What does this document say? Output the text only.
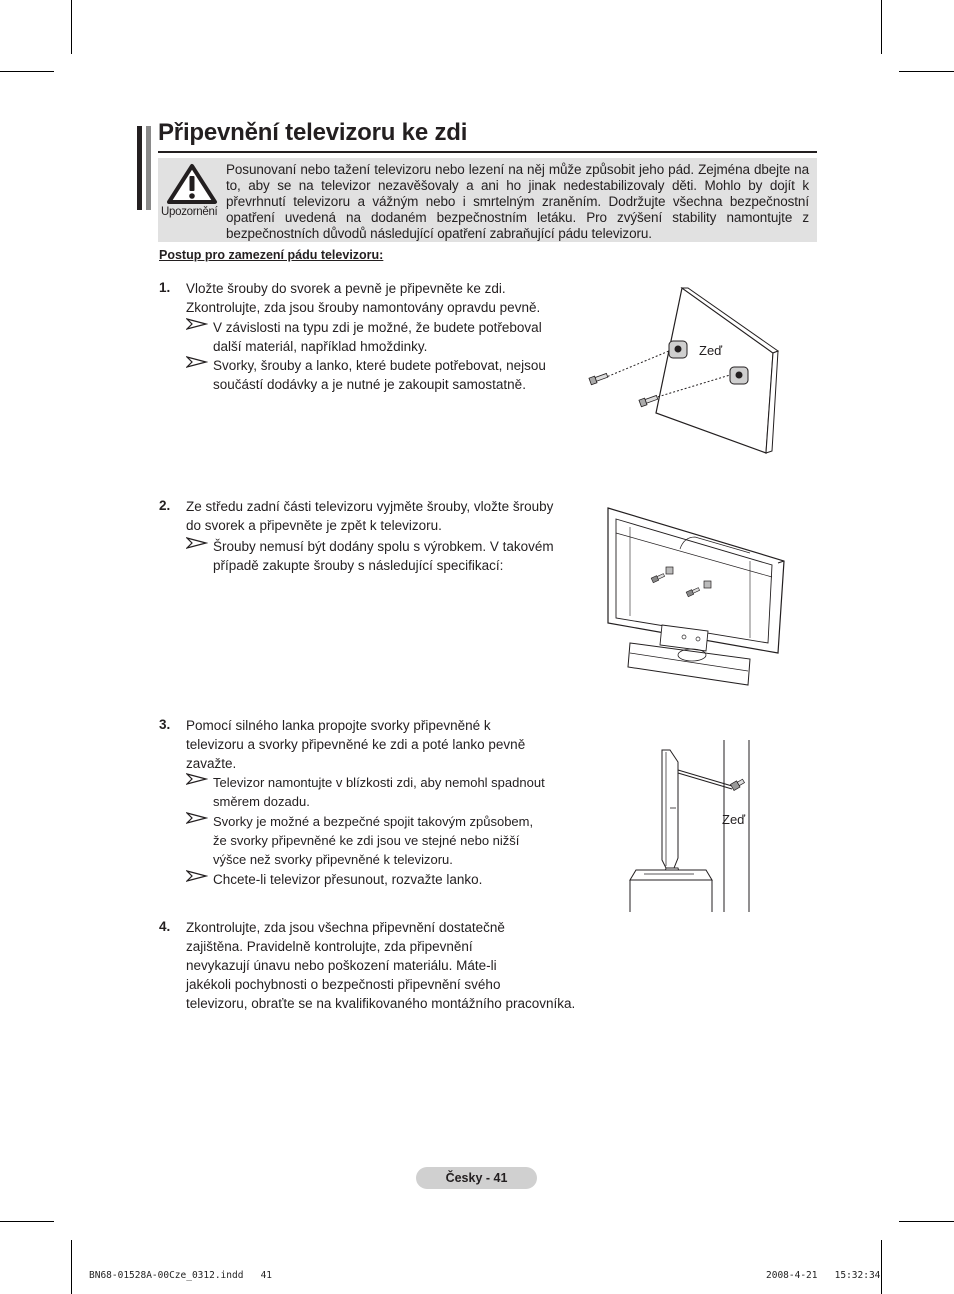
Připevnění televizoru ke zdi
Upozornění
Posunovaní nebo tažení televizoru nebo lezení na něj může způsobit jeho pád. Zejména dbejte na to, aby se na televizor nezavěšovaly a ani ho jinak nedestabilizovaly děti. Mohlo by dojít k převrhnutí televizoru a vážným nebo i smrtelným zraněním. Dodržujte všechna bezpečnostní opatření uvedená na dodaném bezpečnostním letáku. Pro zvýšení stability namontujte z bezpečnostních důvodů následující opatření zabraňující pádu televizoru.
Postup pro zamezení pádu televizoru:
1. Vložte šrouby do svorek a pevně je připevněte ke zdi.
Zkontrolujte, zda jsou šrouby namontovány opravdu pevně.
V závislosti na typu zdi je možné, že budete potřeboval
další materiál, například hmoždinky.
Svorky, šrouby a lanko, které budete potřebovat, nejsou
součástí dodávky a je nutné je zakoupit samostatně.
Zeď
2. Ze středu zadní části televizoru vyjměte šrouby, vložte šrouby
do svorek a připevněte je zpět k televizoru.
Šrouby nemusí být dodány spolu s výrobkem. V takovém
případě zakupte šrouby s následující specifikací:
3. Pomocí silného lanka propojte svorky připevněné k
televizoru a svorky připevněné ke zdi a poté lanko pevně
zavažte.
Televizor namontujte v blízkosti zdi, aby nemohl spadnout
směrem dozadu.
Svorky je možné a bezpečné spojit takovým způsobem,
že svorky připevněné ke zdi jsou ve stejné nebo nižší
výšce než svorky připevněné k televizoru.
Chcete-li televizor přesunout, rozvažte lanko.
Zeď
4. Zkontrolujte, zda jsou všechna připevnění dostatečně
zajištěna. Pravidelně kontrolujte, zda připevnění
nevykazují únavu nebo poškození materiálu. Máte-li
jakékoli pochybnosti o bezpečnosti připevnění svého
televizoru, obraťte se na kvalifikovaného montážního pracovníka.
Česky - 41
BN68-01528A-00Cze_0312.indd   41	2008-4-21   15:32:34
